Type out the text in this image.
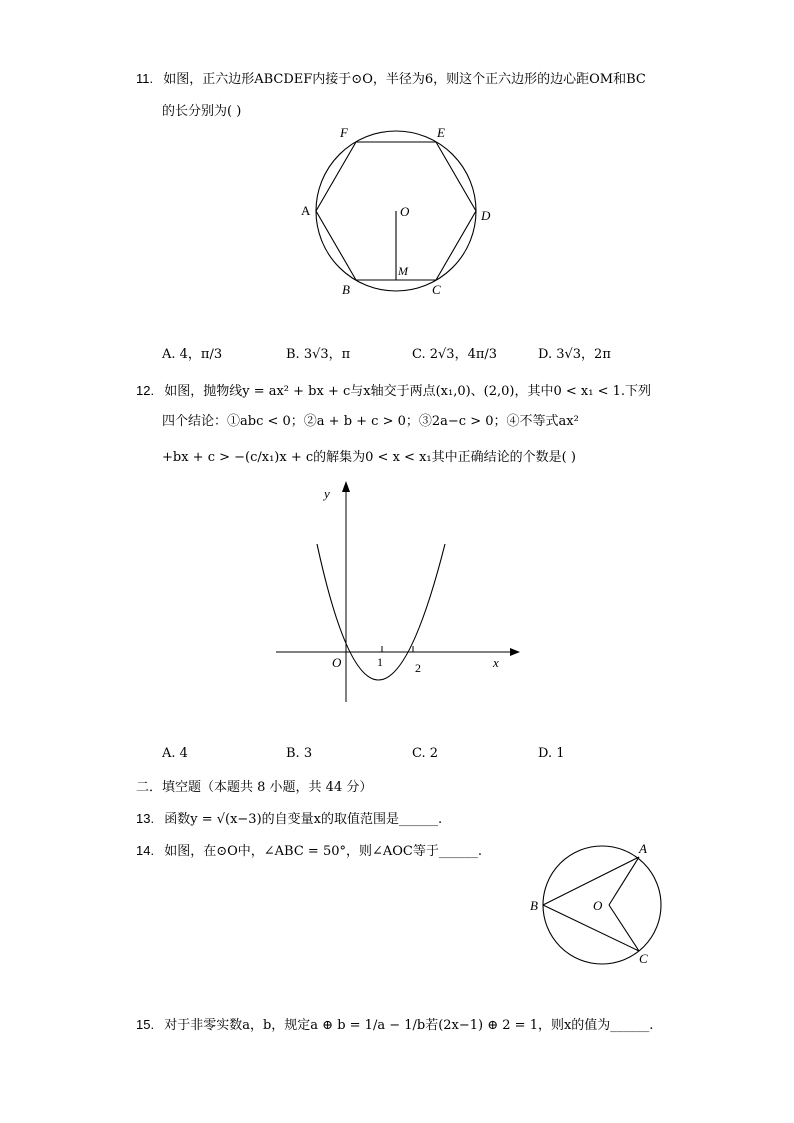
11. 如图，正六边形ABCDEF内接于⊙O，半径为6，则这个正六边形的边心距OM和BC
的长分别为( )
F	E
A	D
O
M
B	C
A. 4，π/3	B. 3√3，π	C. 2√3，4π/3	D. 3√3，2π
12. 如图，抛物线y = ax² + bx + c与x轴交于两点(x₁,0)、(2,0)，其中0 < x₁ < 1.下列
四个结论：①abc < 0；②a + b + c > 0；③2a−c > 0；④不等式ax²
+bx + c > −(c/x₁)x + c的解集为0 < x < x₁其中正确结论的个数是( )
y
x
O	1	2
A. 4	B. 3	C. 2	D. 1
二．填空题（本题共 8 小题，共 44 分）
13. 函数y = √(x−3)的自变量x的取值范围是______.
14. 如图，在⊙O中，∠ABC = 50°，则∠AOC等于______.	A
B	O
C
15. 对于非零实数a，b，规定a ⊕ b = 1/a − 1/b若(2x−1) ⊕ 2 = 1，则x的值为______.
